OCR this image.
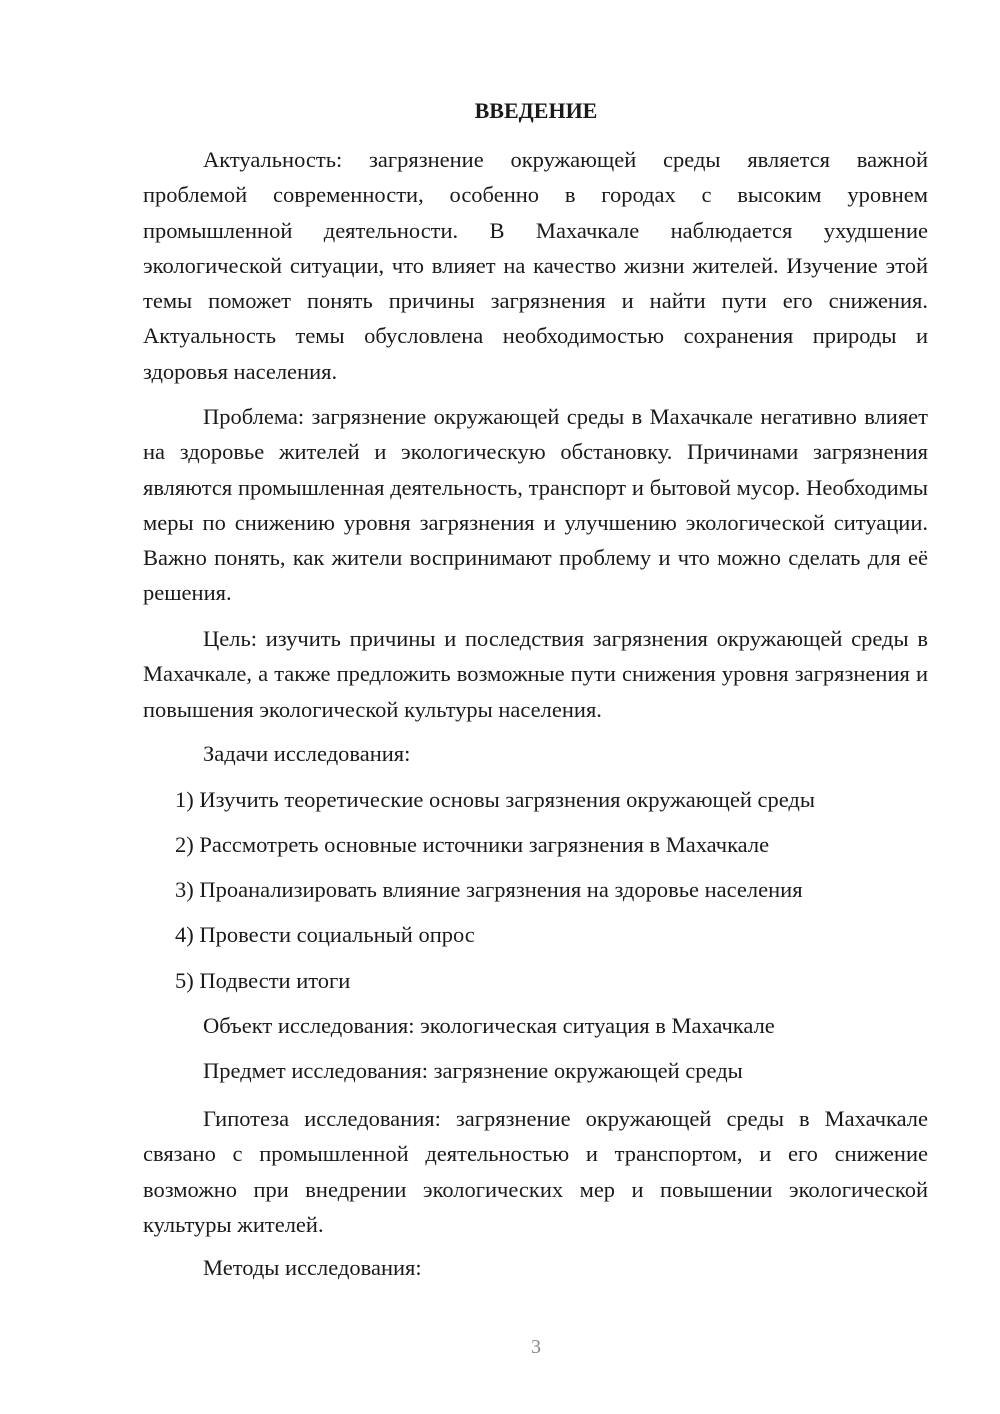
ВВЕДЕНИЕ

Актуальность: загрязнение окружающей среды является важной проблемой современности, особенно в городах с высоким уровнем промышленной деятельности. В Махачкале наблюдается ухудшение экологической ситуации, что влияет на качество жизни жителей. Изучение этой темы поможет понять причины загрязнения и найти пути его снижения. Актуальность темы обусловлена необходимостью сохранения природы и здоровья населения.

Проблема: загрязнение окружающей среды в Махачкале негативно влияет на здоровье жителей и экологическую обстановку. Причинами загрязнения являются промышленная деятельность, транспорт и бытовой мусор. Необходимы меры по снижению уровня загрязнения и улучшению экологической ситуации. Важно понять, как жители воспринимают проблему и что можно сделать для её решения.

Цель: изучить причины и последствия загрязнения окружающей среды в Махачкале, а также предложить возможные пути снижения уровня загрязнения и повышения экологической культуры населения.

Задачи исследования:

1) Изучить теоретические основы загрязнения окружающей среды

2) Рассмотреть основные источники загрязнения в Махачкале

3) Проанализировать влияние загрязнения на здоровье населения

4) Провести социальный опрос

5) Подвести итоги

Объект исследования: экологическая ситуация в Махачкале

Предмет исследования: загрязнение окружающей среды

Гипотеза исследования: загрязнение окружающей среды в Махачкале связано с промышленной деятельностью и транспортом, и его снижение возможно при внедрении экологических мер и повышении экологической культуры жителей.

Методы исследования:

3
